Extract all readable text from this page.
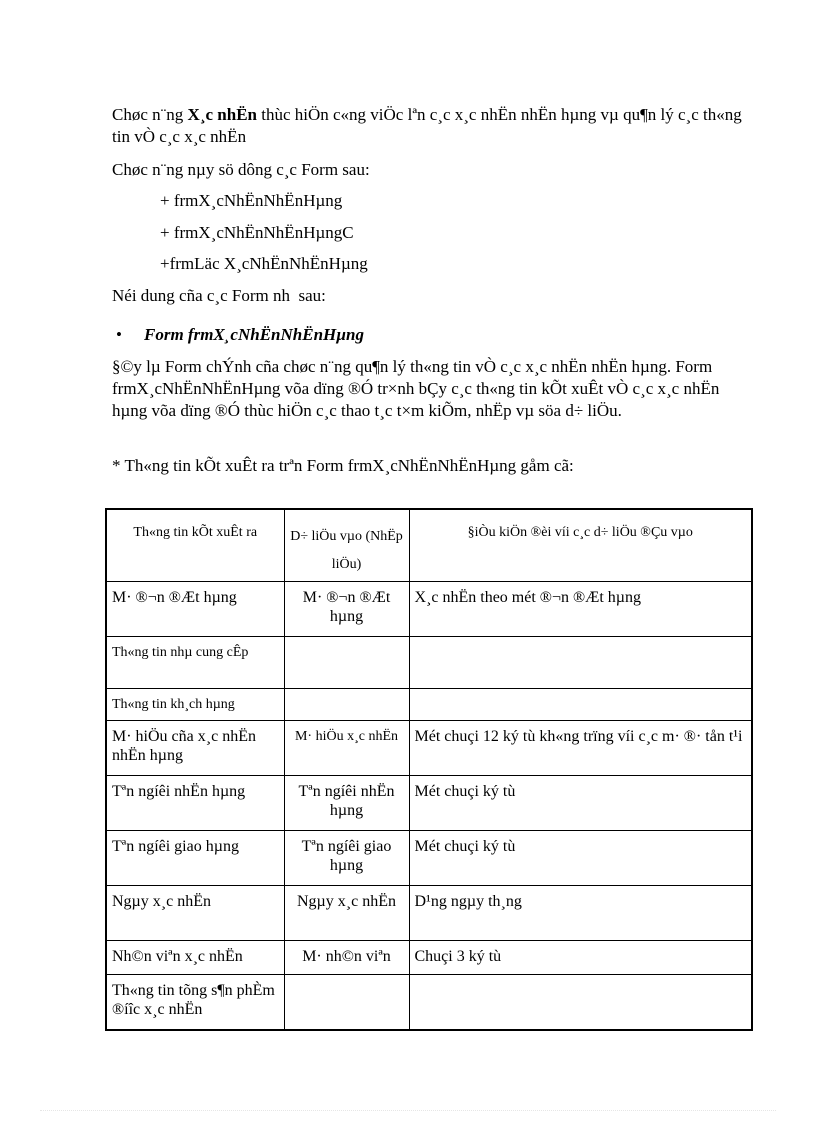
Chøc n¨ng X¸c nhËn thùc hiÖn c«ng viÖc lªn c¸c x¸c nhËn nhËn hµng vµ qu¶n lý c¸c th«ng tin vÒ c¸c x¸c nhËn

Chøc n¨ng nµy sö dông c¸c Form sau:

+ frmX¸cNhËnNhËnHµng
+ frmX¸cNhËnNhËnHµngC
+frmLäc X¸cNhËnNhËnHµng

Néi dung cña c¸c Form nh  sau:

• Form frmX¸cNhËnNhËnHµng

§©y lµ Form chÝnh cña chøc n¨ng qu¶n lý th«ng tin vÒ c¸c x¸c nhËn nhËn hµng. Form frmX¸cNhËnNhËnHµng võa dïng ®Ó tr×nh bÇy c¸c th«ng tin kÕt xuÊt vÒ c¸c x¸c nhËn hµng võa dïng ®Ó thùc hiÖn c¸c thao t¸c t×m kiÕm, nhËp vµ söa d÷ liÖu.

* Th«ng tin kÕt xuÊt ra trªn Form frmX¸cNhËnNhËnHµng gåm cã:

Th«ng tin kÕt xuÊt ra	D÷ liÖu vµo (NhËp liÖu)	§iÒu kiÖn ®èi víi c¸c d÷ liÖu ®Çu vµo
M· ®¬n ®Æt hµng	M· ®¬n ®Æt hµng	X¸c nhËn theo mét ®¬n ®Æt hµng
Th«ng tin nhµ cung cÊp		
Th«ng tin kh¸ch hµng		
M· hiÖu cña x¸c nhËn nhËn hµng	M· hiÖu x¸c nhËn	Mét chuçi 12 ký tù kh«ng trïng víi c¸c m· ®· tån t¹i
Tªn ngíêi nhËn hµng	Tªn ngíêi nhËn hµng	Mét chuçi ký tù
Tªn ngíêi giao hµng	Tªn ngíêi giao hµng	Mét chuçi ký tù
Ngµy x¸c nhËn	Ngµy x¸c nhËn	D¹ng ngµy th¸ng
Nh©n viªn x¸c nhËn	M· nh©n viªn	Chuçi 3 ký tù
Th«ng tin tõng s¶n phÈm ®íîc x¸c nhËn		
